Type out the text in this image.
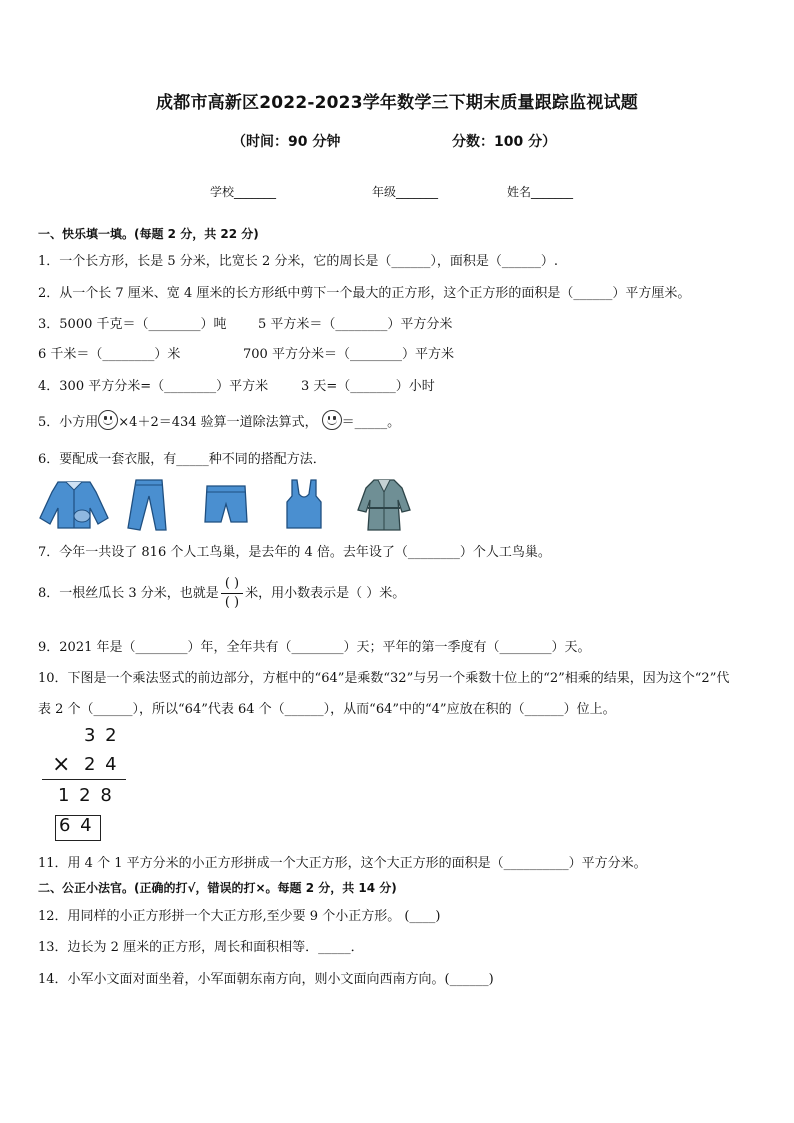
成都市高新区2022-2023学年数学三下期末质量跟踪监视试题
（时间：90 分钟	分数：100 分）
学校_______	年级_______	姓名_______
一、快乐填一填。(每题 2 分，共 22 分)
1．一个长方形，长是 5 分米，比宽长 2 分米，它的周长是（______），面积是（______）.
2．从一个长 7 厘米、宽 4 厘米的长方形纸中剪下一个最大的正方形，这个正方形的面积是（______）平方厘米。
3．5000 千克＝（________）吨 5 平方米＝（________）平方分米
6 千米＝（________）米	700 平方分米＝（________）平方米
4．300 平方分米=（________）平方米	3 天=（_______）小时
5．小方用 ×4＋2＝434 验算一道除法算式， ＝_____。
6．要配成一套衣服，有_____种不同的搭配方法．
7．今年一共设了 816 个人工鸟巢，是去年的 4 倍。去年设了（________）个人工鸟巢。
8．一根丝瓜长 3 分米，也就是 $\frac{( )}{( )}$ 米，用小数表示是（ ）米。
9．2021 年是（________）年，全年共有（________）天；平年的第一季度有（________）天。
10．下图是一个乘法竖式的前边部分，方框中的“64”是乘数“32”与另一个乘数十位上的“2”相乘的结果，因为这个“2”代
表 2 个（______），所以“64”代表 64 个（______），从而“64”中的“4”应放在积的（______）位上。
3 2
× 2 4
1 2 8
6 4
11．用 4 个 1 平方分米的小正方形拼成一个大正方形，这个大正方形的面积是（__________）平方分米。
二、公正小法官。(正确的打√，错误的打×。每题 2 分，共 14 分)
12．用同样的小正方形拼一个大正方形,至少要 9 个小正方形。 (____)
13．边长为 2 厘米的正方形，周长和面积相等．_____．
14．小军小文面对面坐着，小军面朝东南方向，则小文面向西南方向。(______)
